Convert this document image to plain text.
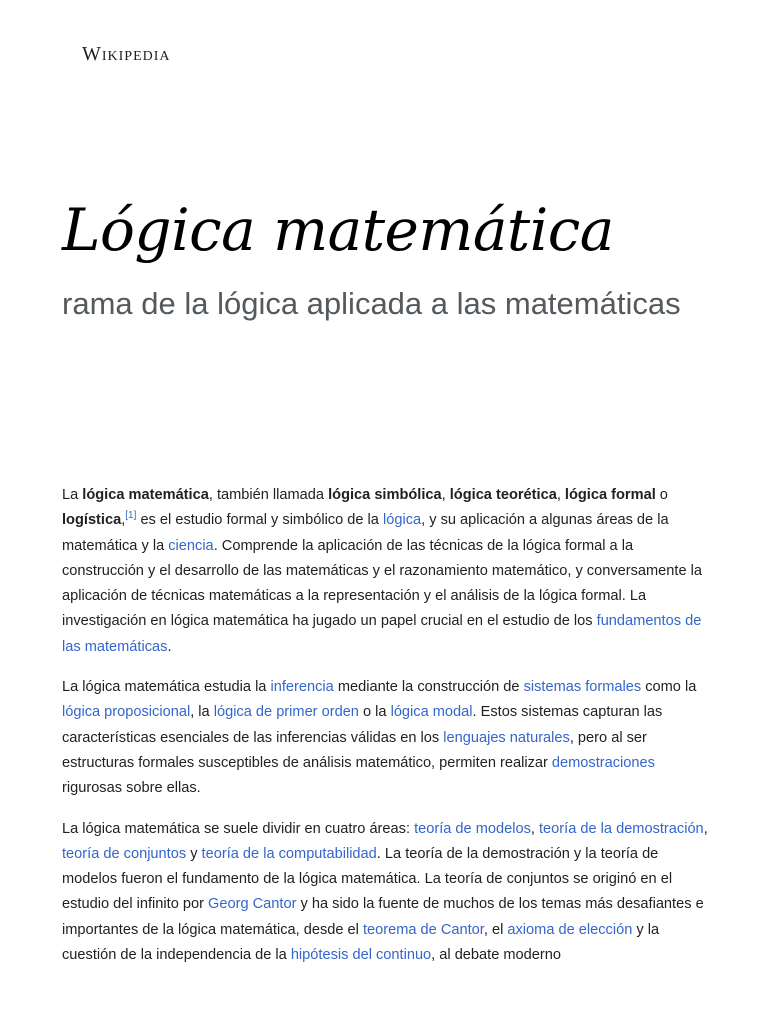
Wikipedia
Lógica matemática
rama de la lógica aplicada a las matemáticas

La lógica matemática, también llamada lógica simbólica, lógica teorética, lógica formal o logística,[1] es el estudio formal y simbólico de la lógica, y su aplicación a algunas áreas de la matemática y la ciencia. Comprende la aplicación de las técnicas de la lógica formal a la construcción y el desarrollo de las matemáticas y el razonamiento matemático, y conversamente la aplicación de técnicas matemáticas a la representación y el análisis de la lógica formal. La investigación en lógica matemática ha jugado un papel crucial en el estudio de los fundamentos de las matemáticas.

La lógica matemática estudia la inferencia mediante la construcción de sistemas formales como la lógica proposicional, la lógica de primer orden o la lógica modal. Estos sistemas capturan las características esenciales de las inferencias válidas en los lenguajes naturales, pero al ser estructuras formales susceptibles de análisis matemático, permiten realizar demostraciones rigurosas sobre ellas.

La lógica matemática se suele dividir en cuatro áreas: teoría de modelos, teoría de la demostración, teoría de conjuntos y teoría de la computabilidad. La teoría de la demostración y la teoría de modelos fueron el fundamento de la lógica matemática. La teoría de conjuntos se originó en el estudio del infinito por Georg Cantor y ha sido la fuente de muchos de los temas más desafiantes e importantes de la lógica matemática, desde el teorema de Cantor, el axioma de elección y la cuestión de la independencia de la hipótesis del continuo, al debate moderno
